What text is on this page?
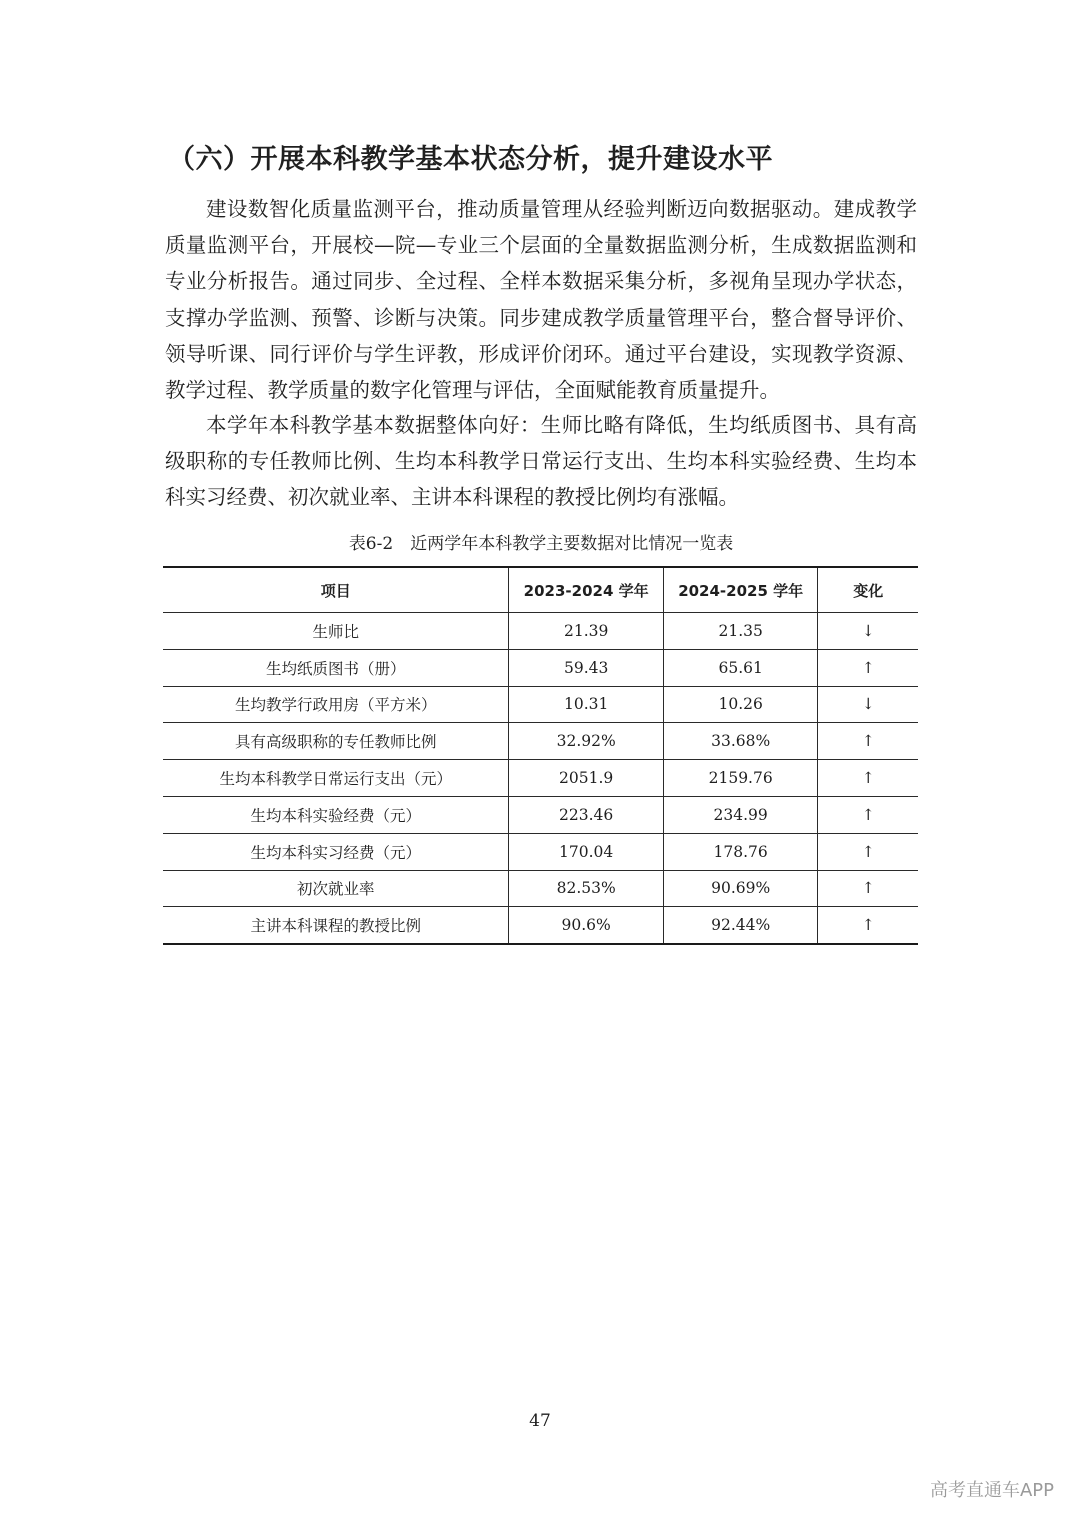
（六）开展本科教学基本状态分析，提升建设水平

建设数智化质量监测平台，推动质量管理从经验判断迈向数据驱动。建成教学质量监测平台，开展校—院—专业三个层面的全量数据监测分析，生成数据监测和专业分析报告。通过同步、全过程、全样本数据采集分析，多视角呈现办学状态，支撑办学监测、预警、诊断与决策。同步建成教学质量管理平台，整合督导评价、领导听课、同行评价与学生评教，形成评价闭环。通过平台建设，实现教学资源、教学过程、教学质量的数字化管理与评估，全面赋能教育质量提升。

本学年本科教学基本数据整体向好：生师比略有降低，生均纸质图书、具有高级职称的专任教师比例、生均本科教学日常运行支出、生均本科实验经费、生均本科实习经费、初次就业率、主讲本科课程的教授比例均有涨幅。

表6-2　近两学年本科教学主要数据对比情况一览表
项目	2023-2024 学年	2024-2025 学年	变化
生师比	21.39	21.35	↓
生均纸质图书（册）	59.43	65.61	↑
生均教学行政用房（平方米）	10.31	10.26	↓
具有高级职称的专任教师比例	32.92%	33.68%	↑
生均本科教学日常运行支出（元）	2051.9	2159.76	↑
生均本科实验经费（元）	223.46	234.99	↑
生均本科实习经费（元）	170.04	178.76	↑
初次就业率	82.53%	90.69%	↑
主讲本科课程的教授比例	90.6%	92.44%	↑
47
高考直通车APP
